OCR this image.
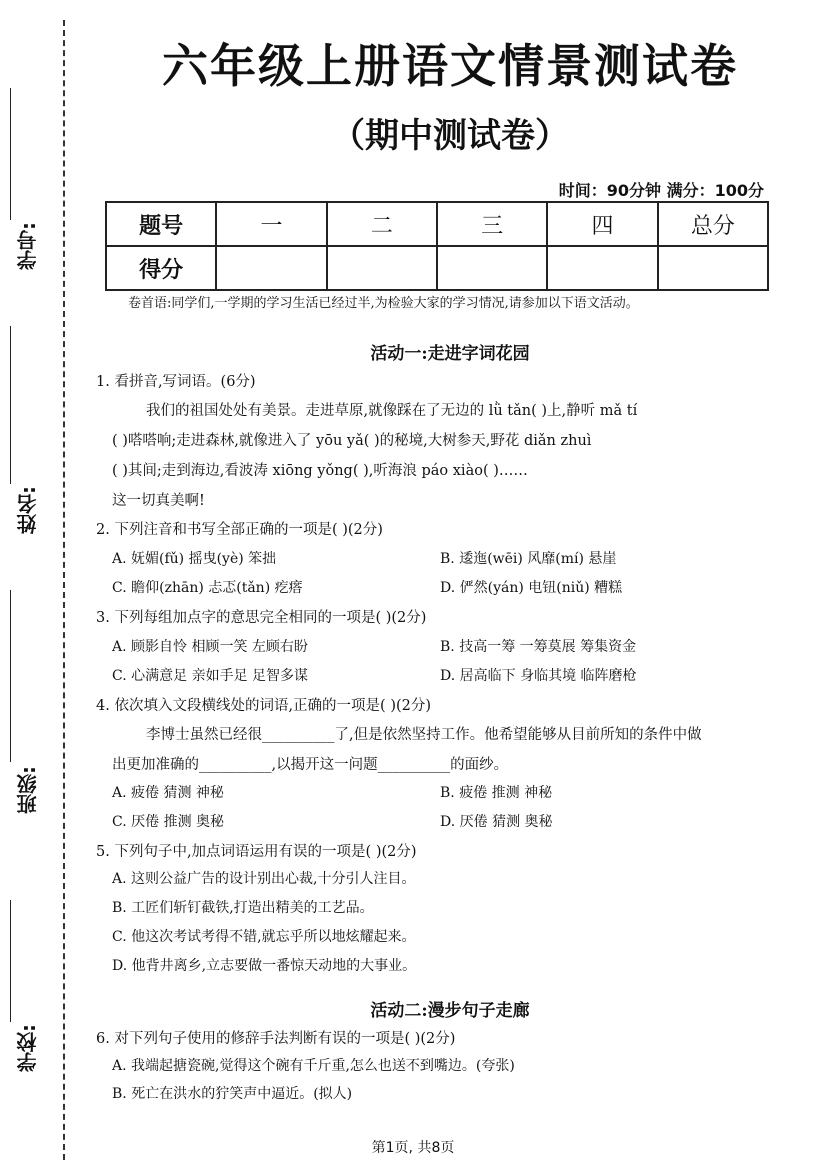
学号:
姓名:
班级:
学校:
六年级上册语文情景测试卷
（期中测试卷）
时间：90分钟 满分：100分
题号	一	二	三	四	总分
得分					
卷首语:同学们,一学期的学习生活已经过半,为检验大家的学习情况,请参加以下语文活动。
活动一:走进字词花园
1. 看拼音,写词语。(6分)
我们的祖国处处有美景。走进草原,就像踩在了无边的 lǜ tǎn( )上,静听 mǎ tí
( )嗒嗒响;走进森林,就像进入了 yōu yǎ( )的秘境,大树参天,野花 diǎn zhuì
( )其间;走到海边,看波涛 xiōng yǒng( ),听海浪 páo xiào( )……
这一切真美啊!
2. 下列注音和书写全部正确的一项是( )(2分)
A. 妩媚(fǔ) 摇曳(yè) 笨拙	B. 逶迤(wēi) 风靡(mí) 悬崖
C. 瞻仰(zhān) 忐忑(tǎn) 疙瘩	D. 俨然(yán) 电钮(niǔ) 糟糕
3. 下列每组加点字的意思完全相同的一项是( )(2分)
A. 顾影自怜 相顾一笑 左顾右盼	B. 技高一筹 一筹莫展 筹集资金
C. 心满意足 亲如手足 足智多谋	D. 居高临下 身临其境 临阵磨枪
4. 依次填入文段横线处的词语,正确的一项是( )(2分)
李博士虽然已经很__________了,但是依然坚持工作。他希望能够从目前所知的条件中做
出更加准确的__________,以揭开这一问题__________的面纱。
A. 疲倦 猜测 神秘	B. 疲倦 推测 神秘
C. 厌倦 推测 奥秘	D. 厌倦 猜测 奥秘
5. 下列句子中,加点词语运用有误的一项是( )(2分)
A. 这则公益广告的设计别出心裁,十分引人注目。
B. 工匠们斩钉截铁,打造出精美的工艺品。
C. 他这次考试考得不错,就忘乎所以地炫耀起来。
D. 他背井离乡,立志要做一番惊天动地的大事业。
活动二:漫步句子走廊
6. 对下列句子使用的修辞手法判断有误的一项是( )(2分)
A. 我端起搪瓷碗,觉得这个碗有千斤重,怎么也送不到嘴边。(夸张)
B. 死亡在洪水的狞笑声中逼近。(拟人)
第1页, 共8页
